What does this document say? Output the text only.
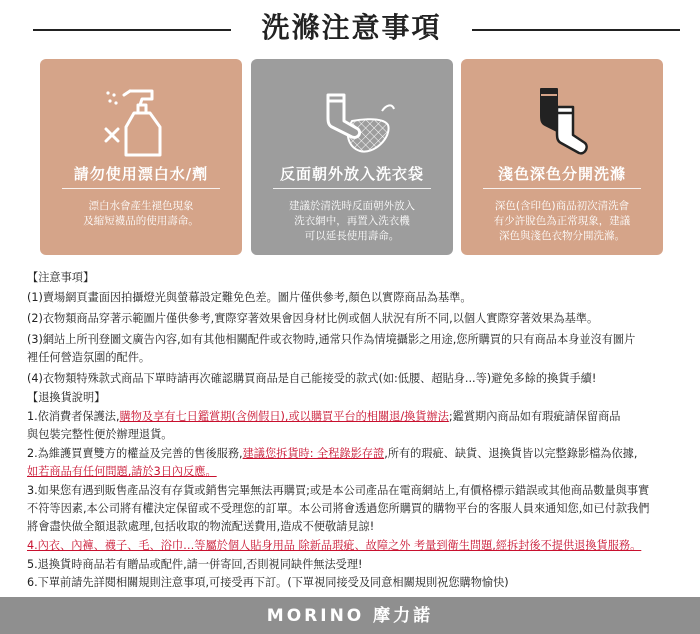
洗滌注意事項
請勿使用漂白水/劑
漂白水會產生褪色現象
及縮短襪品的使用壽命。
反面朝外放入洗衣袋
建議於清洗時反面朝外放入
洗衣網中，再置入洗衣機
可以延長使用壽命。
淺色深色分開洗滌
深色(含印色)商品初次清洗會
有少許脫色為正常現象，建議
深色與淺色衣物分開洗滌。
【注意事項】
(1)賣場網頁畫面因拍攝燈光與螢幕設定難免色差。圖片僅供參考,顏色以實際商品為基準。
(2)衣物類商品穿著示範圖片僅供參考,實際穿著效果會因身材比例或個人狀況有所不同,以個人實際穿著效果為基準。
(3)網站上所刊登圖文廣告內容,如有其他相關配件或衣物時,通常只作為情境攝影之用途,您所購買的只有商品本身並沒有圖片
裡任何營造氛圍的配件。
(4)衣物類特殊款式商品下單時請再次確認購買商品是自己能接受的款式(如:低腰、超貼身...等)避免多餘的換貨手續!
【退換貨說明】
1.依消費者保護法,購物及享有七日鑑賞期(含例假日),或以購買平台的相關退/換貨辦法;鑑賞期內商品如有瑕疵請保留商品
與包裝完整性便於辦理退貨。
2.為維護買賣雙方的權益及完善的售後服務,建議您拆貨時: 全程錄影存證,所有的瑕疵、缺貨、退換貨皆以完整錄影檔為依據,
如若商品有任何問題,請於3日內反應。
3.如果您有遇到販售產品沒有存貨或銷售完畢無法再購買;或是本公司產品在電商網站上,有價格標示錯誤或其他商品數量與事實
不符等因素,本公司將有權決定保留或不受理您的訂單。本公司將會透過您所購買的購物平台的客服人員來通知您,如已付款我們
將會盡快做全額退款處理,包括收取的物流配送費用,造成不便敬請見諒!
4.內衣、內褲、襪子、毛、浴巾…等屬於個人貼身用品 除新品瑕疵、故障之外 考量到衛生問題,經拆封後不提供退換貨服務。
5.退換貨時商品若有贈品或配件,請一併寄回,否則視同缺件無法受理!
6.下單前請先詳閱相關規則注意事項,可接受再下訂。(下單視同接受及同意相關規則祝您購物愉快)
MORINO 摩力諾
